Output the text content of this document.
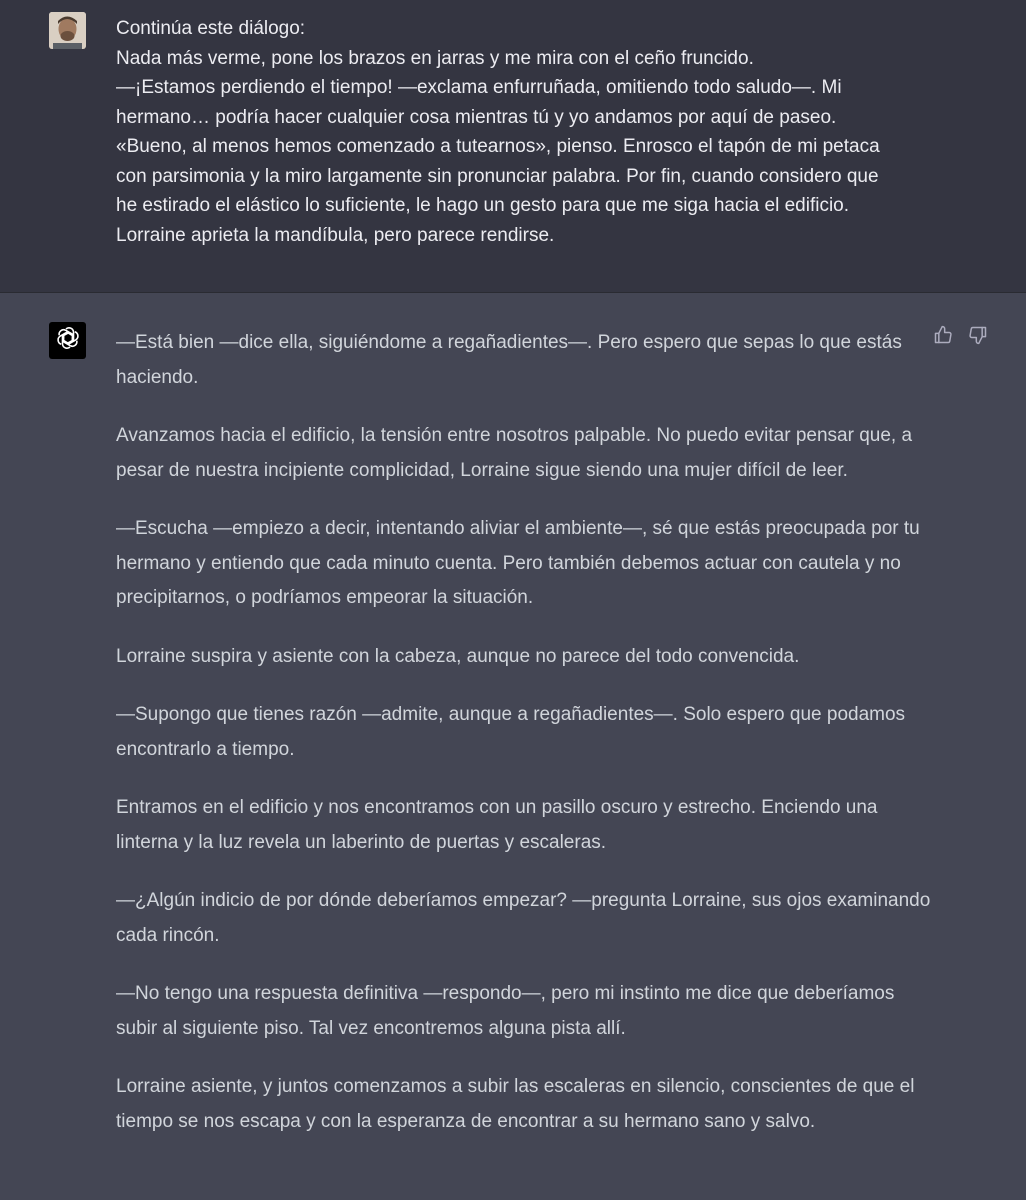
Continúa este diálogo:
Nada más verme, pone los brazos en jarras y me mira con el ceño fruncido.
—¡Estamos perdiendo el tiempo! —exclama enfurruñada, omitiendo todo saludo—. Mi
hermano… podría hacer cualquier cosa mientras tú y yo andamos por aquí de paseo.
«Bueno, al menos hemos comenzado a tutearnos», pienso. Enrosco el tapón de mi petaca
con parsimonia y la miro largamente sin pronunciar palabra. Por fin, cuando considero que
he estirado el elástico lo suficiente, le hago un gesto para que me siga hacia el edificio.
Lorraine aprieta la mandíbula, pero parece rendirse.

—Está bien —dice ella, siguiéndome a regañadientes—. Pero espero que sepas lo que estás haciendo.

Avanzamos hacia el edificio, la tensión entre nosotros palpable. No puedo evitar pensar que, a pesar de nuestra incipiente complicidad, Lorraine sigue siendo una mujer difícil de leer.

—Escucha —empiezo a decir, intentando aliviar el ambiente—, sé que estás preocupada por tu hermano y entiendo que cada minuto cuenta. Pero también debemos actuar con cautela y no precipitarnos, o podríamos empeorar la situación.

Lorraine suspira y asiente con la cabeza, aunque no parece del todo convencida.

—Supongo que tienes razón —admite, aunque a regañadientes—. Solo espero que podamos encontrarlo a tiempo.

Entramos en el edificio y nos encontramos con un pasillo oscuro y estrecho. Enciendo una linterna y la luz revela un laberinto de puertas y escaleras.

—¿Algún indicio de por dónde deberíamos empezar? —pregunta Lorraine, sus ojos examinando cada rincón.

—No tengo una respuesta definitiva —respondo—, pero mi instinto me dice que deberíamos subir al siguiente piso. Tal vez encontremos alguna pista allí.

Lorraine asiente, y juntos comenzamos a subir las escaleras en silencio, conscientes de que el tiempo se nos escapa y con la esperanza de encontrar a su hermano sano y salvo.
